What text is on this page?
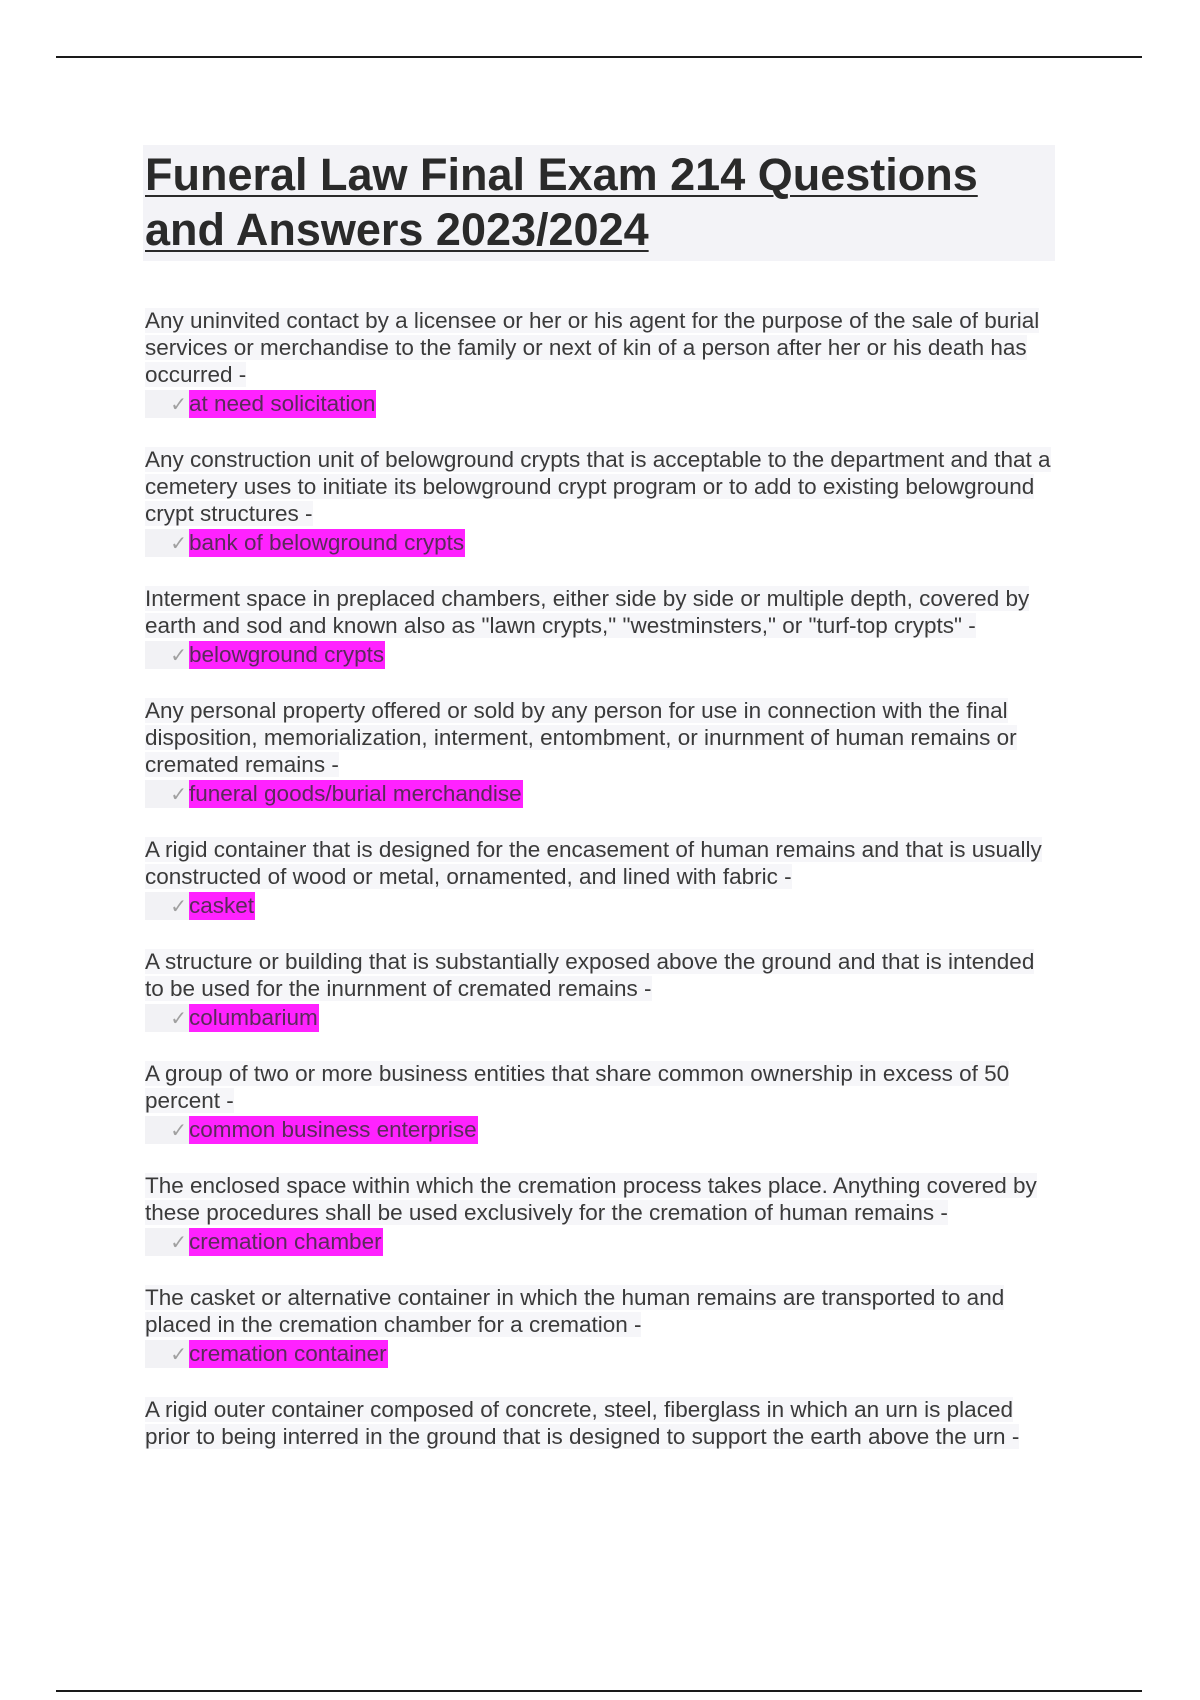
Funeral Law Final Exam 214 Questions and Answers 2023/2024
Any uninvited contact by a licensee or her or his agent for the purpose of the sale of burial services or merchandise to the family or next of kin of a person after her or his death has occurred -
✓ at need solicitation
Any construction unit of belowground crypts that is acceptable to the department and that a cemetery uses to initiate its belowground crypt program or to add to existing belowground crypt structures -
✓ bank of belowground crypts
Interment space in preplaced chambers, either side by side or multiple depth, covered by earth and sod and known also as "lawn crypts," "westminsters," or "turf-top crypts" -
✓ belowground crypts
Any personal property offered or sold by any person for use in connection with the final disposition, memorialization, interment, entombment, or inurnment of human remains or cremated remains -
✓ funeral goods/burial merchandise
A rigid container that is designed for the encasement of human remains and that is usually constructed of wood or metal, ornamented, and lined with fabric -
✓ casket
A structure or building that is substantially exposed above the ground and that is intended to be used for the inurnment of cremated remains -
✓ columbarium
A group of two or more business entities that share common ownership in excess of 50 percent -
✓ common business enterprise
The enclosed space within which the cremation process takes place. Anything covered by these procedures shall be used exclusively for the cremation of human remains -
✓ cremation chamber
The casket or alternative container in which the human remains are transported to and placed in the cremation chamber for a cremation -
✓ cremation container
A rigid outer container composed of concrete, steel, fiberglass in which an urn is placed prior to being interred in the ground that is designed to support the earth above the urn -
